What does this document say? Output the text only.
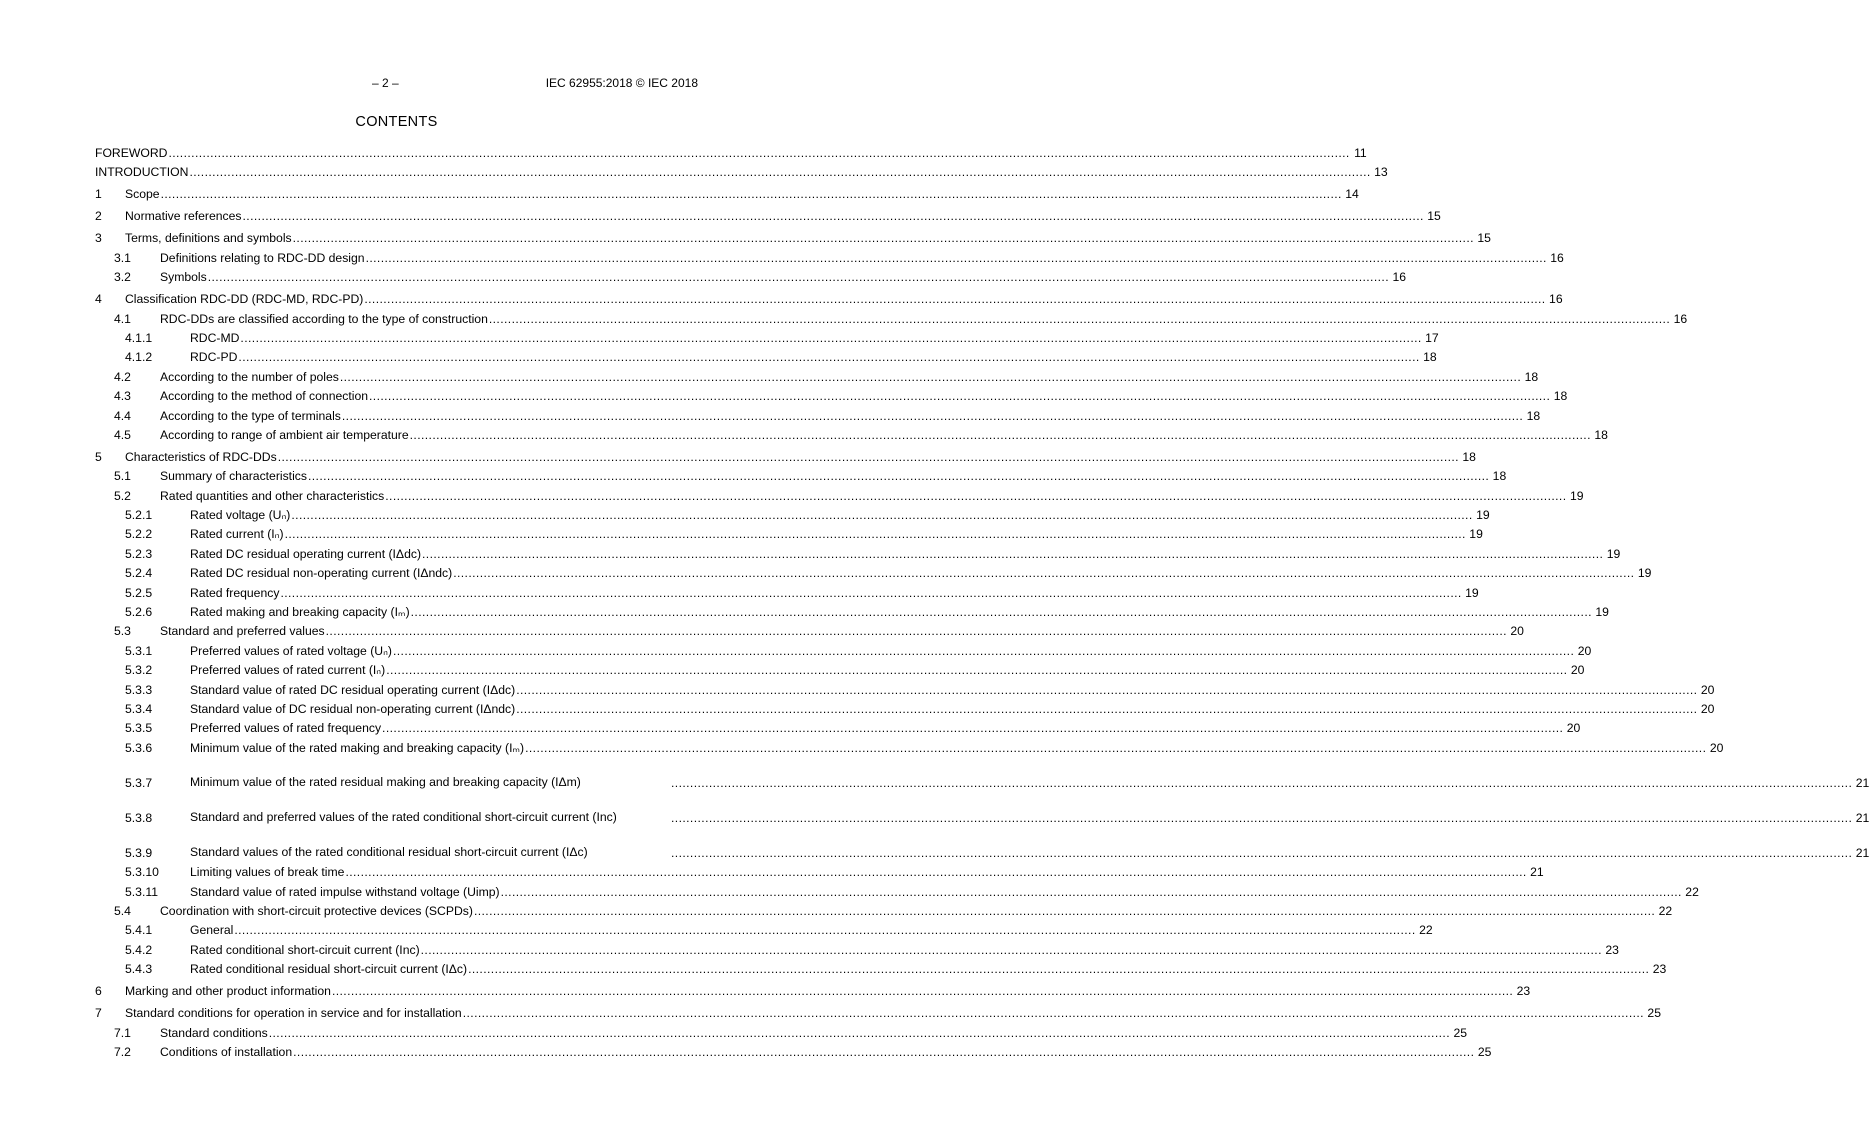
– 2 –	IEC 62955:2018 © IEC 2018
CONTENTS
FOREWORD .....	11
INTRODUCTION .....	13
1 Scope .....	14
2 Normative references .....	15
3 Terms, definitions and symbols .....	15
3.1 Definitions relating to RDC-DD design .....	16
3.2 Symbols .....	16
4 Classification RDC-DD (RDC-MD, RDC-PD) .....	16
4.1 RDC-DDs are classified according to the type of construction .....	16
4.1.1	RDC-MD .....	17
4.1.2	RDC-PD .....	18
4.2 According to the number of poles .....	18
4.3 According to the method of connection .....	18
4.4 According to the type of terminals .....	18
4.5 According to range of ambient air temperature .....	18
5 Characteristics of RDC-DDs .....	18
5.1 Summary of characteristics .....	18
5.2 Rated quantities and other characteristics .....	19
5.2.1	Rated voltage (Uₙ) .....	19
5.2.2	Rated current (Iₙ) .....	19
5.2.3	Rated DC residual operating current (IΔdc) .....	19
5.2.4	Rated DC residual non-operating current (IΔndc) .....	19
5.2.5	Rated frequency .....	19
5.2.6	Rated making and breaking capacity (Iₘ) .....	19
5.3 Standard and preferred values .....	20
5.3.1	Preferred values of rated voltage (Uₙ) .....	20
5.3.2	Preferred values of rated current (Iₙ) .....	20
5.3.3	Standard value of rated DC residual operating current (IΔdc) .....	20
5.3.4	Standard value of DC residual non-operating current (IΔndc) .....	20
5.3.5	Preferred values of rated frequency .....	20
5.3.6	Minimum value of the rated making and breaking capacity (Iₘ) .....	20
5.3.7	Minimum value of the rated residual making and breaking capacity (IΔm) .....	21
5.3.8	Standard and preferred values of the rated conditional short-circuit current (Inc) .....	21
5.3.9	Standard values of the rated conditional residual short-circuit current (IΔc) .....	21
5.3.10	Limiting values of break time .....	21
5.3.11	Standard value of rated impulse withstand voltage (Uimp) .....	22
5.4 Coordination with short-circuit protective devices (SCPDs) .....	22
5.4.1	General .....	22
5.4.2	Rated conditional short-circuit current (Inc) .....	23
5.4.3	Rated conditional residual short-circuit current (IΔc) .....	23
6 Marking and other product information .....	23
7 Standard conditions for operation in service and for installation .....	25
7.1 Standard conditions .....	25
7.2 Conditions of installation .....	25
